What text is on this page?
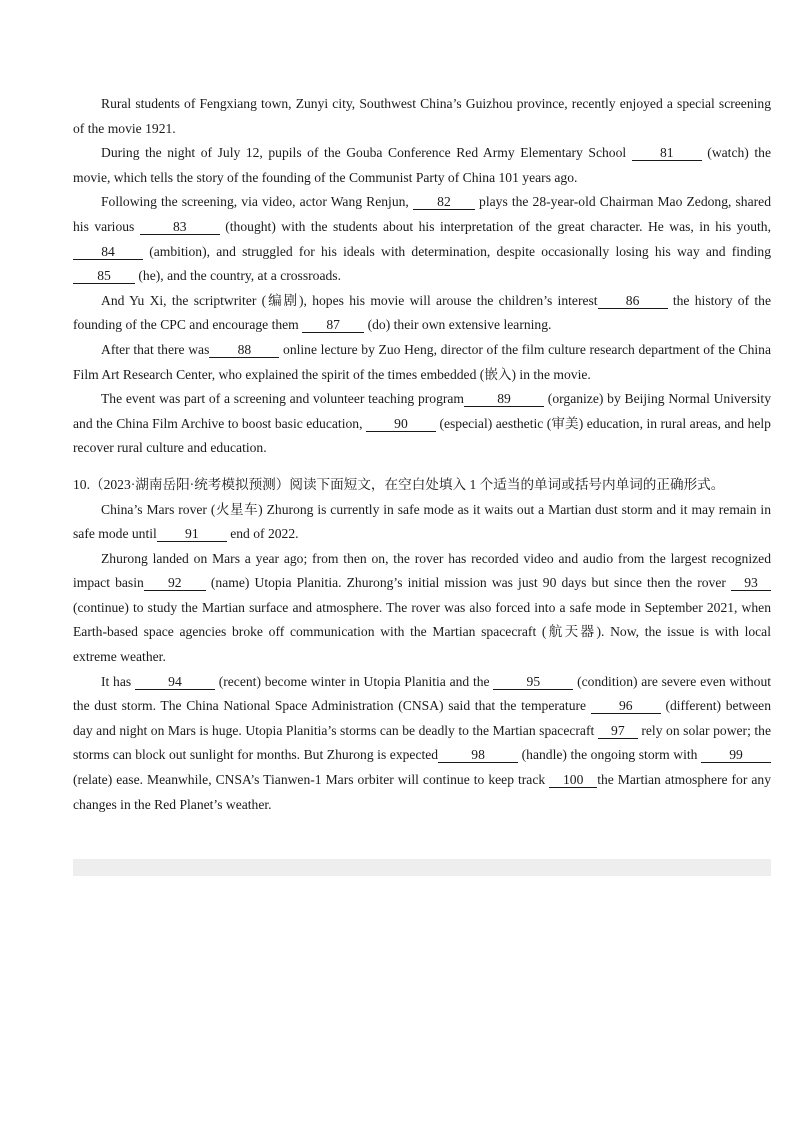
Rural students of Fengxiang town, Zunyi city, Southwest China’s Guizhou province, recently enjoyed a special screening of the movie 1921.

During the night of July 12, pupils of the Gouba Conference Red Army Elementary School 81 (watch) the movie, which tells the story of the founding of the Communist Party of China 101 years ago.

Following the screening, via video, actor Wang Renjun, 82 plays the 28-year-old Chairman Mao Zedong, shared his various	83	(thought) with the students about his interpretation of the great character. He was, in his youth, 84	(ambition), and struggled for his ideals with determination, despite occasionally losing his way and finding 85 (he), and the country, at a crossroads.

And Yu Xi, the scriptwriter (编剧), hopes his movie will arouse the children’s interest 86 the history of the founding of the CPC and encourage them 87 (do) their own extensive learning.

After that there was 88 online lecture by Zuo Heng, director of the film culture research department of the China Film Art Research Center, who explained the spirit of the times embedded (嵌入) in the movie.

The event was part of a screening and volunteer teaching program 89	(organize) by Beijing Normal University and the China Film Archive to boost basic education, 90 (especial) aesthetic (审美) education, in rural areas, and help recover rural culture and education.

10.（2023·湖南岳阳·统考模拟预测）阅读下面短文，在空白处填入 1 个适当的单词或括号内单词的正确形式。

China’s Mars rover (火星车) Zhurong is currently in safe mode as it waits out a Martian dust storm and it may remain in safe mode until 91 end of 2022.

Zhurong landed on Mars a year ago; from then on, the rover has recorded video and audio from the largest recognized impact basin 92 (name) Utopia Planitia. Zhurong’s initial mission was just 90 days but since then the rover 93 (continue) to study the Martian surface and atmosphere. The rover was also forced into a safe mode in September 2021, when Earth-based space agencies broke off communication with the Martian spacecraft (航天器). Now, the issue is with local extreme weather.

It has	94	(recent) become winter in Utopia Planitia and the	95	(condition) are severe even without the dust storm. The China National Space Administration (CNSA) said that the temperature 96 (different) between day and night on Mars is huge. Utopia Planitia’s storms can be deadly to the Martian spacecraft 97 rely on solar power; the storms can block out sunlight for months. But Zhurong is expected 98	(handle) the ongoing storm with 99 (relate) ease. Meanwhile, CNSA’s Tianwen-1 Mars orbiter will continue to keep track 100 the Martian atmosphere for any changes in the Red Planet’s weather.
